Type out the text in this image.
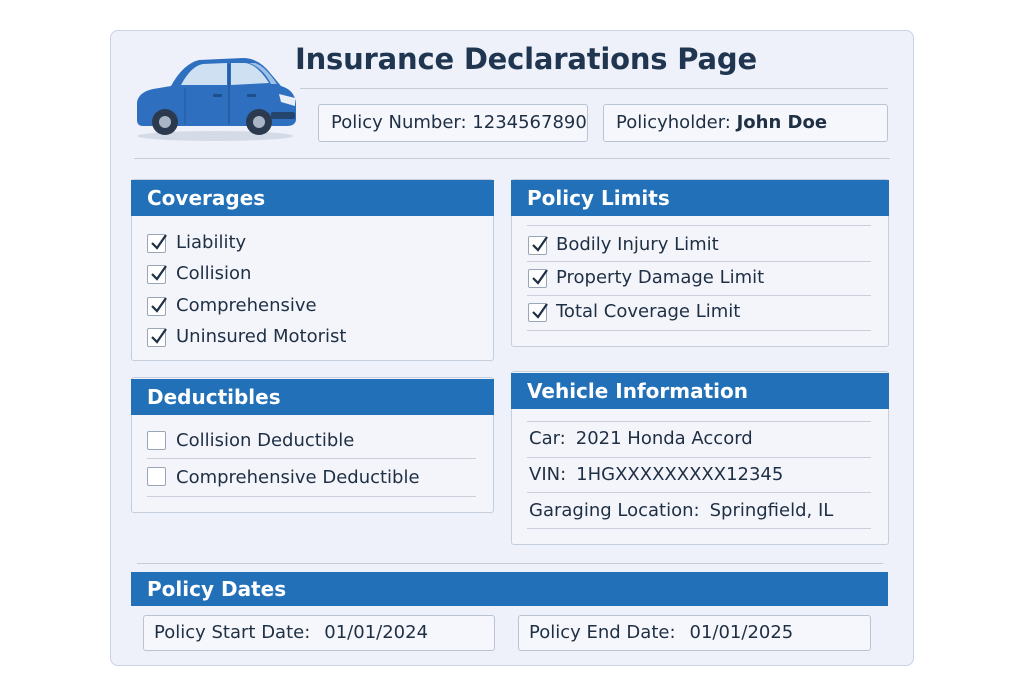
Insurance Declarations Page
Policy Number: 1234567890	Policyholder: John Doe
Coverages
Liability
Collision
Comprehensive
Uninsured Motorist
Policy Limits
Bodily Injury Limit
Property Damage Limit
Total Coverage Limit
Deductibles
Collision Deductible
Comprehensive Deductible
Vehicle Information
Car: 2021 Honda Accord
VIN: 1HGXXXXXXXXX12345
Garaging Location: Springfield, IL
Policy Dates
Policy Start Date: 01/01/2024	Policy End Date: 01/01/2025
